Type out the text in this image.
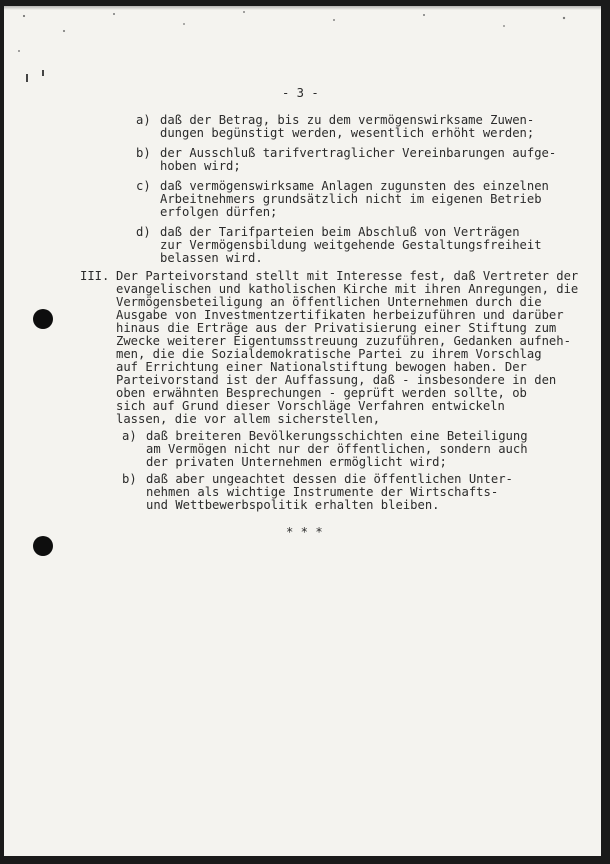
- 3 -

a) daß der Betrag, bis zu dem vermögenswirksame Zuwen-

dungen begünstigt werden, wesentlich erhöht werden;

b) der Ausschluß tarifvertraglicher Vereinbarungen aufge-

hoben wird;

c) daß vermögenswirksame Anlagen zugunsten des einzelnen

Arbeitnehmers grundsätzlich nicht im eigenen Betrieb

erfolgen dürfen;

d) daß der Tarifparteien beim Abschluß von Verträgen

zur Vermögensbildung weitgehende Gestaltungsfreiheit

belassen wird.

III. Der Parteivorstand stellt mit Interesse fest, daß Vertreter der

evangelischen und katholischen Kirche mit ihren Anregungen, die

Vermögensbeteiligung an öffentlichen Unternehmen durch die

Ausgabe von Investmentzertifikaten herbeizuführen und darüber

hinaus die Erträge aus der Privatisierung einer Stiftung zum

Zwecke weiterer Eigentumsstreuung zuzuführen, Gedanken aufneh-

men, die die Sozialdemokratische Partei zu ihrem Vorschlag

auf Errichtung einer Nationalstiftung bewogen haben. Der

Parteivorstand ist der Auffassung, daß - insbesondere in den

oben erwähnten Besprechungen - geprüft werden sollte, ob

sich auf Grund dieser Vorschläge Verfahren entwickeln

lassen, die vor allem sicherstellen,

a) daß breiteren Bevölkerungsschichten eine Beteiligung

am Vermögen nicht nur der öffentlichen, sondern auch

der privaten Unternehmen ermöglicht wird;

b) daß aber ungeachtet dessen die öffentlichen Unter-

nehmen als wichtige Instrumente der Wirtschafts-

und Wettbewerbspolitik erhalten bleiben.

* * *
